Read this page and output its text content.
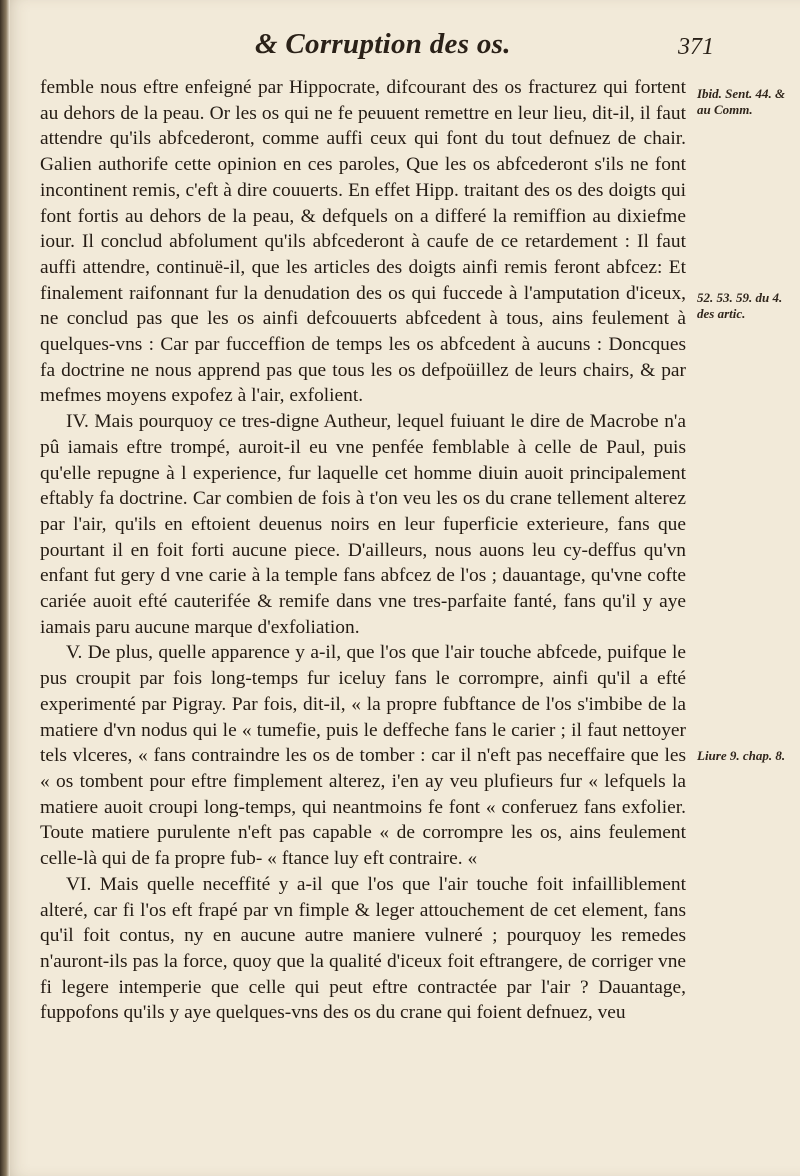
& Corruption des os.	371

femble nous eftre enfeigné par Hippocrate, difcourant des os fracturez qui fortent au dehors de la peau. Or les os qui ne fe peuuent remettre en leur lieu, dit-il, il faut attendre qu'ils abfcederont, comme auffi ceux qui font du tout defnuez de chair. Galien authorife cette opinion en ces paroles, Que les os abfcederont s'ils ne font incontinent remis, c'eft à dire couuerts. En effet Hipp. traitant des os des doigts qui font fortis au dehors de la peau, & defquels on a differé la remiffion au dixiefme iour. Il conclud abfolument qu'ils abfcederont à caufe de ce retardement : Il faut auffi attendre, continuë-il, que les articles des doigts ainfi remis feront abfcez: Et finalement raifonnant fur la denudation des os qui fuccede à l'amputation d'iceux, ne conclud pas que les os ainfi defcouuerts abfcedent à tous, ains feulement à quelques-vns : Car par fucceffion de temps les os abfcedent à aucuns : Doncques fa doctrine ne nous apprend pas que tous les os defpoüillez de leurs chairs, & par mefmes moyens expofez à l'air, exfolient.

IV. Mais pourquoy ce tres-digne Autheur, lequel fuiuant le dire de Macrobe n'a pû iamais eftre trompé, auroit-il eu vne penfée femblable à celle de Paul, puis qu'elle repugne à l experience, fur laquelle cet homme diuin auoit principalement eftably fa doctrine. Car combien de fois à t'on veu les os du crane tellement alterez par l'air, qu'ils en eftoient deuenus noirs en leur fuperficie exterieure, fans que pourtant il en foit forti aucune piece. D'ailleurs, nous auons leu cy-deffus qu'vn enfant fut gery d vne carie à la temple fans abfcez de l'os ; dauantage, qu'vne cofte cariée auoit efté cauterifée & remife dans vne tres-parfaite fanté, fans qu'il y aye iamais paru aucune marque d'exfoliation.

V. De plus, quelle apparence y a-il, que l'os que l'air touche abfcede, puifque le pus croupit par fois long-temps fur iceluy fans le corrompre, ainfi qu'il a efté experimenté par Pigray. Par fois, dit-il, « la propre fubftance de l'os s'imbibe de la matiere d'vn nodus qui le « tumefie, puis le deffeche fans le carier ; il faut nettoyer tels vlceres, « fans contraindre les os de tomber : car il n'eft pas neceffaire que les « os tombent pour eftre fimplement alterez, i'en ay veu plufieurs fur « lefquels la matiere auoit croupi long-temps, qui neantmoins fe font « conferuez fans exfolier. Toute matiere purulente n'eft pas capable « de corrompre les os, ains feulement celle-là qui de fa propre fub- « ftance luy eft contraire. «

VI. Mais quelle neceffité y a-il que l'os que l'air touche foit infailliblement alteré, car fi l'os eft frapé par vn fimple & leger attouchement de cet element, fans qu'il foit contus, ny en aucune autre maniere vulneré ; pourquoy les remedes n'auront-ils pas la force, quoy que la qualité d'iceux foit eftrangere, de corriger vne fi legere intemperie que celle qui peut eftre contractée par l'air ? Dauantage, fuppofons qu'ils y aye quelques-vns des os du crane qui foient defnuez, veu

Ibid. Sent. 44. & au Comm.
52. 53. 59. du 4. des artic.
Liure 9. chap. 8.
